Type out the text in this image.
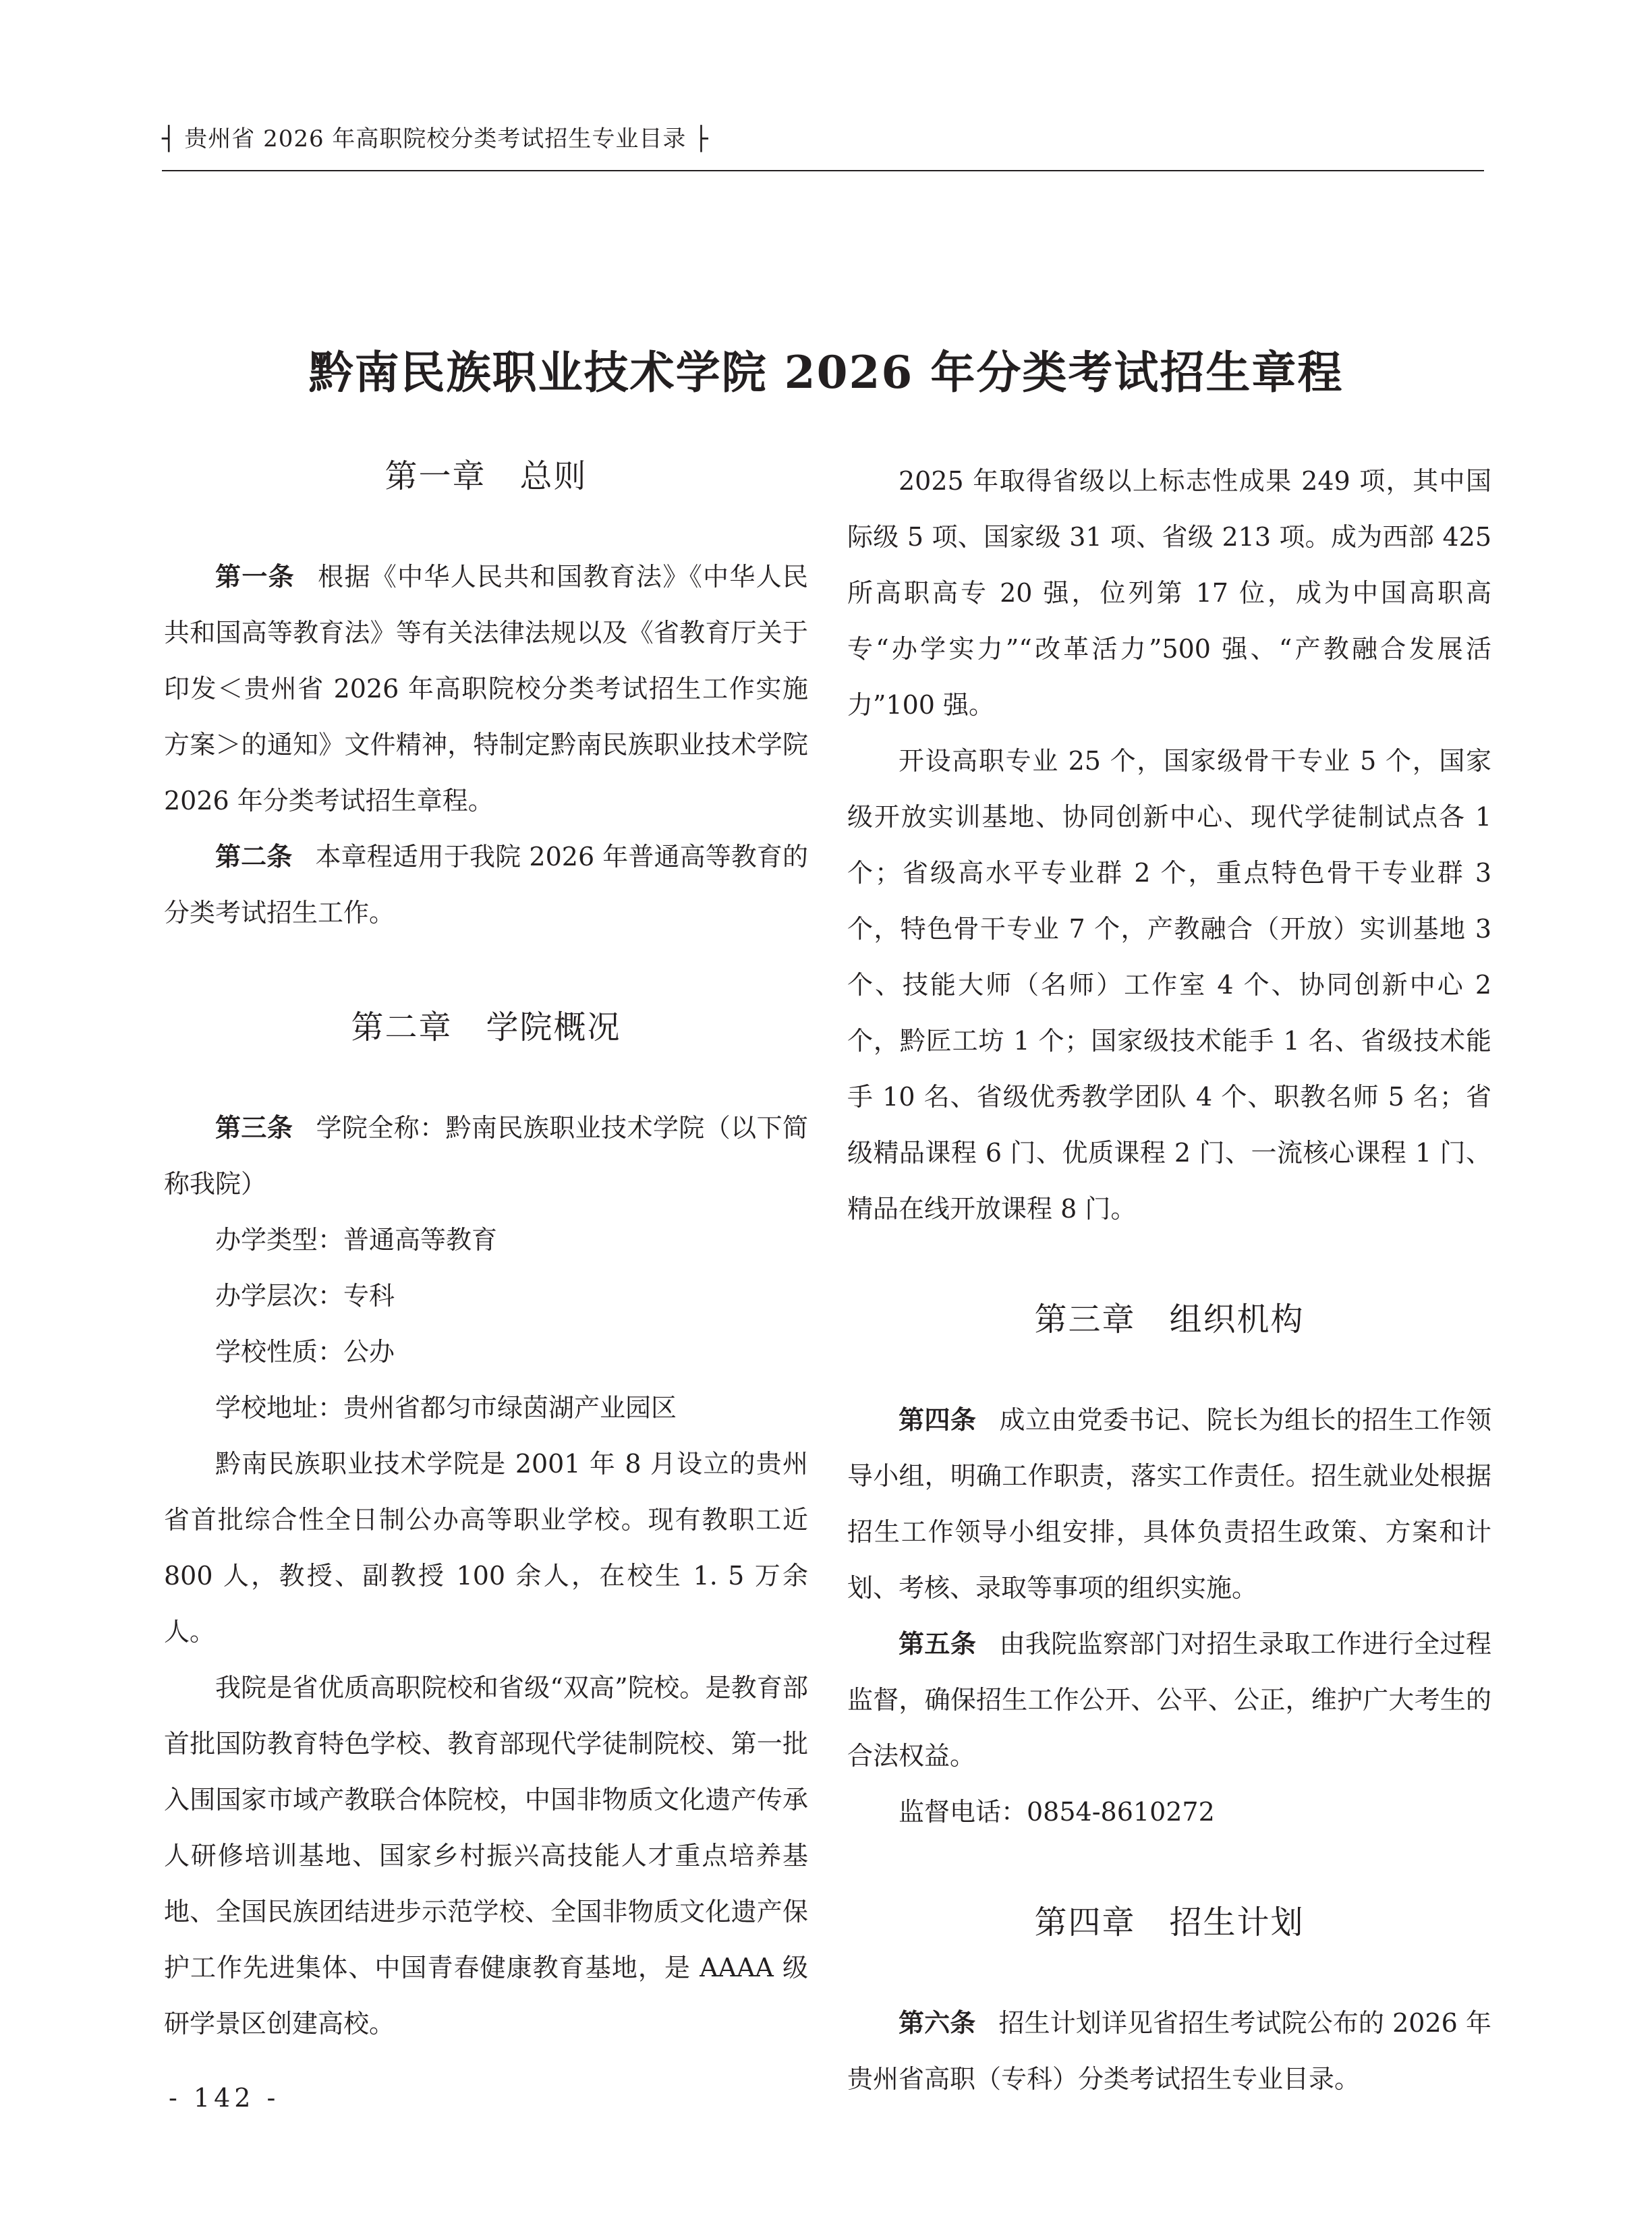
┤ 贵州省 2026 年高职院校分类考试招生专业目录 ├
黔南民族职业技术学院 2026 年分类考试招生章程
第一章　总则

第一条 根据《中华人民共和国教育法》《中华人民共和国高等教育法》等有关法律法规以及《省教育厅关于印发＜贵州省 2026 年高职院校分类考试招生工作实施方案＞的通知》文件精神，特制定黔南民族职业技术学院 2026 年分类考试招生章程。

第二条 本章程适用于我院 2026 年普通高等教育的分类考试招生工作。

第二章　学院概况

第三条 学院全称：黔南民族职业技术学院（以下简称我院）

办学类型：普通高等教育

办学层次：专科

学校性质：公办

学校地址：贵州省都匀市绿茵湖产业园区

黔南民族职业技术学院是 2001 年 8 月设立的贵州省首批综合性全日制公办高等职业学校。现有教职工近 800 人，教授、副教授 100 余人，在校生 1. 5 万余人。

我院是省优质高职院校和省级“双高”院校。是教育部首批国防教育特色学校、教育部现代学徒制院校、第一批入围国家市域产教联合体院校，中国非物质文化遗产传承人研修培训基地、国家乡村振兴高技能人才重点培养基地、全国民族团结进步示范学校、全国非物质文化遗产保护工作先进集体、中国青春健康教育基地，是 AAAA 级研学景区创建高校。

2025 年取得省级以上标志性成果 249 项，其中国际级 5 项、国家级 31 项、省级 213 项。成为西部 425 所高职高专 20 强，位列第 17 位，成为中国高职高专“办学实力”“改革活力”500 强、“产教融合发展活力”100 强。

开设高职专业 25 个，国家级骨干专业 5 个，国家级开放实训基地、协同创新中心、现代学徒制试点各 1 个；省级高水平专业群 2 个，重点特色骨干专业群 3 个，特色骨干专业 7 个，产教融合（开放）实训基地 3 个、技能大师（名师）工作室 4 个、协同创新中心 2 个，黔匠工坊 1 个；国家级技术能手 1 名、省级技术能手 10 名、省级优秀教学团队 4 个、职教名师 5 名；省级精品课程 6 门、优质课程 2 门、一流核心课程 1 门、精品在线开放课程 8 门。

第三章　组织机构

第四条 成立由党委书记、院长为组长的招生工作领导小组，明确工作职责，落实工作责任。招生就业处根据招生工作领导小组安排，具体负责招生政策、方案和计划、考核、录取等事项的组织实施。

第五条 由我院监察部门对招生录取工作进行全过程监督，确保招生工作公开、公平、公正，维护广大考生的合法权益。

监督电话：0854-8610272

第四章　招生计划

第六条 招生计划详见省招生考试院公布的 2026 年贵州省高职（专科）分类考试招生专业目录。

- 142 -
